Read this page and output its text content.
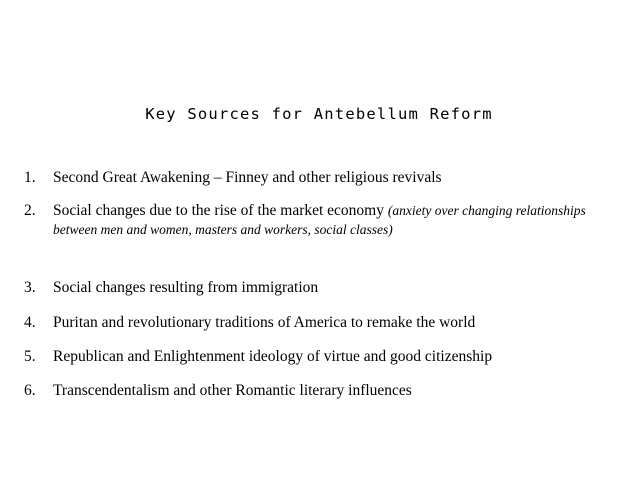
Key Sources for Antebellum Reform
1.	Second Great Awakening – Finney and other religious revivals
2.	Social changes due to the rise of the market economy (anxiety over changing relationships between men and women, masters and workers, social classes)
3.	Social changes resulting from immigration
4.	Puritan and revolutionary traditions of America to remake the world
5.	Republican and Enlightenment ideology of virtue and good citizenship
6.	Transcendentalism and other Romantic literary influences
